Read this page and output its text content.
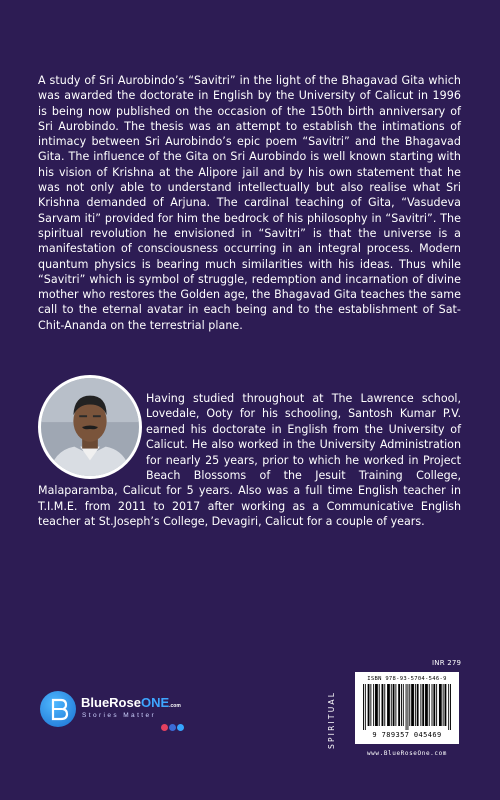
A study of Sri Aurobindo’s “Savitri” in the light of the Bhagavad Gita which was awarded the doctorate in English by the University of Calicut in 1996 is being now published on the occasion of the 150th birth anniversary of Sri Aurobindo. The thesis was an attempt to establish the intimations of intimacy between Sri Aurobindo’s epic poem “Savitri” and the Bhagavad Gita. The influence of the Gita on Sri Aurobindo is well known starting with his vision of Krishna at the Alipore jail and by his own statement that he was not only able to understand intellectually but also realise what Sri Krishna demanded of Arjuna. The cardinal teaching of Gita, “Vasudeva Sarvam iti” provided for him the bedrock of his philosophy in “Savitri”. The spiritual revolution he envisioned in “Savitri” is that the universe is a manifestation of consciousness occurring in an integral process. Modern quantum physics is bearing much similarities with his ideas. Thus while “Savitri” which is symbol of struggle, redemption and incarnation of divine mother who restores the Golden age, the Bhagavad Gita teaches the same call to the eternal avatar in each being and to the establishment of Sat-Chit-Ananda on the terrestrial plane.
Having studied throughout at The Lawrence school, Lovedale, Ooty for his schooling, Santosh Kumar P.V. earned his doctorate in English from the University of Calicut. He also worked in the University Administration for nearly 25 years, prior to which he worked in Project Beach Blossoms of the Jesuit Training College, Malaparamba, Calicut for 5 years. Also was a full time English teacher in T.I.M.E. from 2011 to 2017 after working as a Communicative English teacher at St.Joseph’s College, Devagiri, Calicut for a couple of years.
INR 279
BlueRoseONE.com
Stories Matter	SPIRITUAL
ISBN 978-93-5704-546-9
9 789357 045469
www.BlueRoseOne.com
